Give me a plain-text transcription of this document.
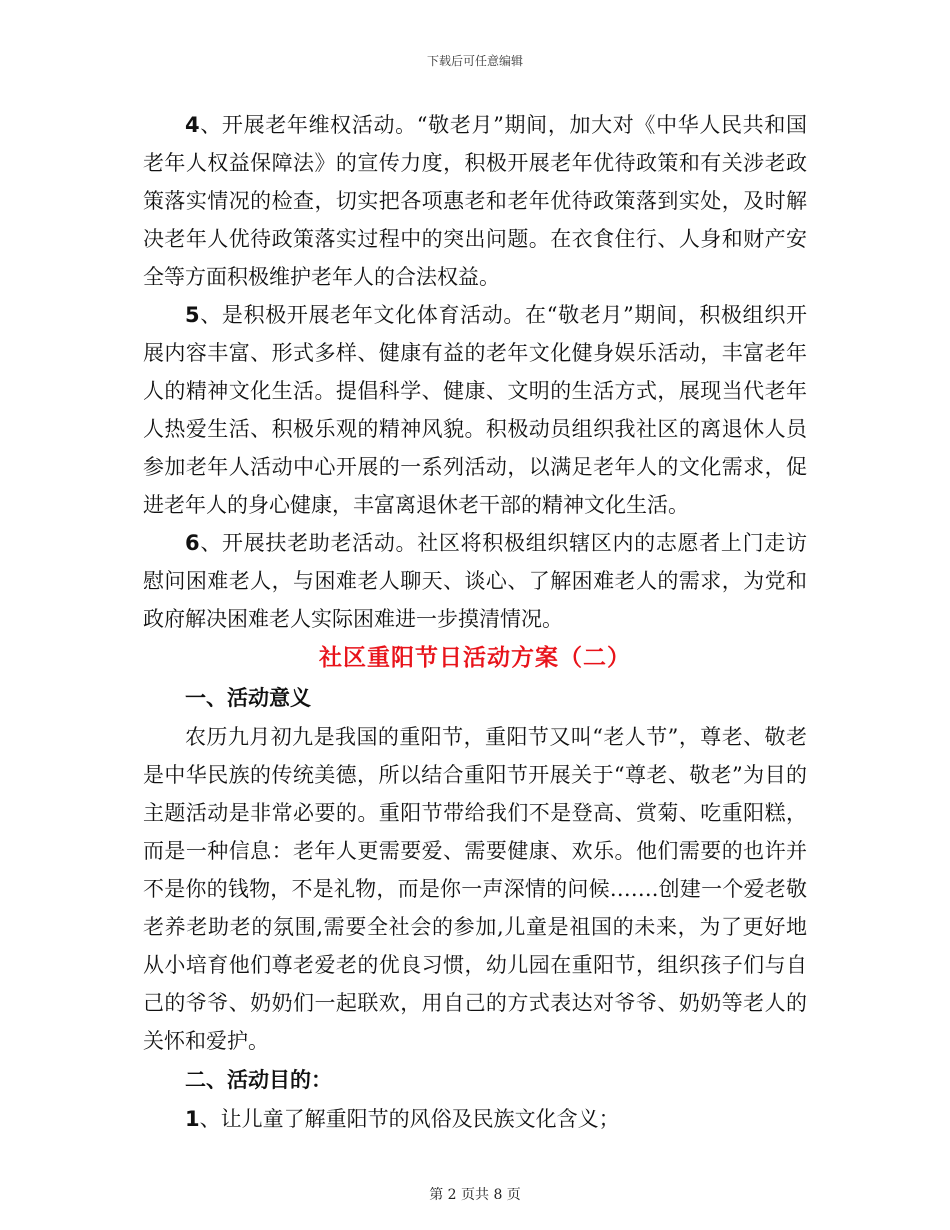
下载后可任意编辑

4、开展老年维权活动。“敬老月”期间，加大对《中华人民共和国老年人权益保障法》的宣传力度，积极开展老年优待政策和有关涉老政策落实情况的检查，切实把各项惠老和老年优待政策落到实处，及时解决老年人优待政策落实过程中的突出问题。在衣食住行、人身和财产安全等方面积极维护老年人的合法权益。

5、是积极开展老年文化体育活动。在“敬老月”期间，积极组织开展内容丰富、形式多样、健康有益的老年文化健身娱乐活动，丰富老年人的精神文化生活。提倡科学、健康、文明的生活方式，展现当代老年人热爱生活、积极乐观的精神风貌。积极动员组织我社区的离退休人员参加老年人活动中心开展的一系列活动，以满足老年人的文化需求，促进老年人的身心健康，丰富离退休老干部的精神文化生活。

6、开展扶老助老活动。社区将积极组织辖区内的志愿者上门走访慰问困难老人，与困难老人聊天、谈心、了解困难老人的需求，为党和政府解决困难老人实际困难进一步摸清情况。

社区重阳节日活动方案（二）

一、活动意义

农历九月初九是我国的重阳节，重阳节又叫“老人节”，尊老、敬老是中华民族的传统美德，所以结合重阳节开展关于“尊老、敬老”为目的主题活动是非常必要的。重阳节带给我们不是登高、赏菊、吃重阳糕，而是一种信息：老年人更需要爱、需要健康、欢乐。他们需要的也许并不是你的钱物，不是礼物，而是你一声深情的问候…….创建一个爱老敬老养老助老的氛围,需要全社会的参加,儿童是祖国的未来，为了更好地从小培育他们尊老爱老的优良习惯，幼儿园在重阳节，组织孩子们与自己的爷爷、奶奶们一起联欢，用自己的方式表达对爷爷、奶奶等老人的关怀和爱护。

二、活动目的：

1、让儿童了解重阳节的风俗及民族文化含义；

第 2 页共 8 页
